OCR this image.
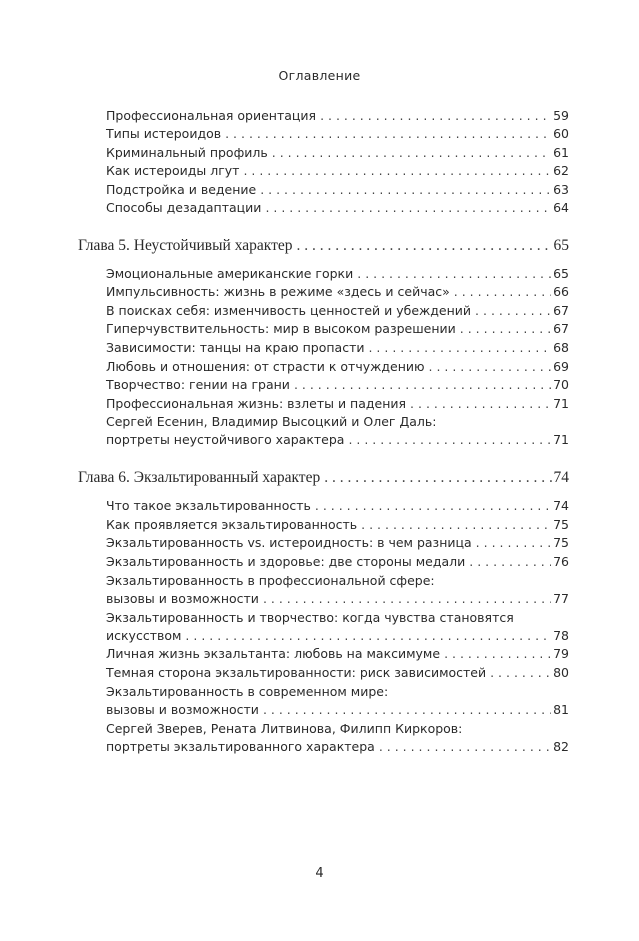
Оглавление
Профессиональная ориентация . . .	59
Типы истероидов . . .	60
Криминальный профиль . . .	61
Как истероиды лгут . . .	62
Подстройка и ведение . . .	63
Способы дезадаптации . . .	64
Глава 5. Неустойчивый характер . . .	65
Эмоциональные американские горки . . .	65
Импульсивность: жизнь в режиме «здесь и сейчас» . . .	66
В поисках себя: изменчивость ценностей и убеждений . . .	67
Гиперчувствительность: мир в высоком разрешении . . .	67
Зависимости: танцы на краю пропасти . . .	68
Любовь и отношения: от страсти к отчуждению . . .	69
Творчество: гении на грани . . .	70
Профессиональная жизнь: взлеты и падения . . .	71
Сергей Есенин, Владимир Высоцкий и Олег Даль:
портреты неустойчивого характера . . .	71
Глава 6. Экзальтированный характер . . .	74
Что такое экзальтированность . . .	74
Как проявляется экзальтированность . . .	75
Экзальтированность vs. истероидность: в чем разница . . .	75
Экзальтированность и здоровье: две стороны медали . . .	76
Экзальтированность в профессиональной сфере:
вызовы и возможности . . .	77
Экзальтированность и творчество: когда чувства становятся
искусством . . .	78
Личная жизнь экзальтанта: любовь на максимуме . . .	79
Темная сторона экзальтированности: риск зависимостей . . .	80
Экзальтированность в современном мире:
вызовы и возможности . . .	81
Сергей Зверев, Рената Литвинова, Филипп Киркоров:
портреты экзальтированного характера . . .	82
4
